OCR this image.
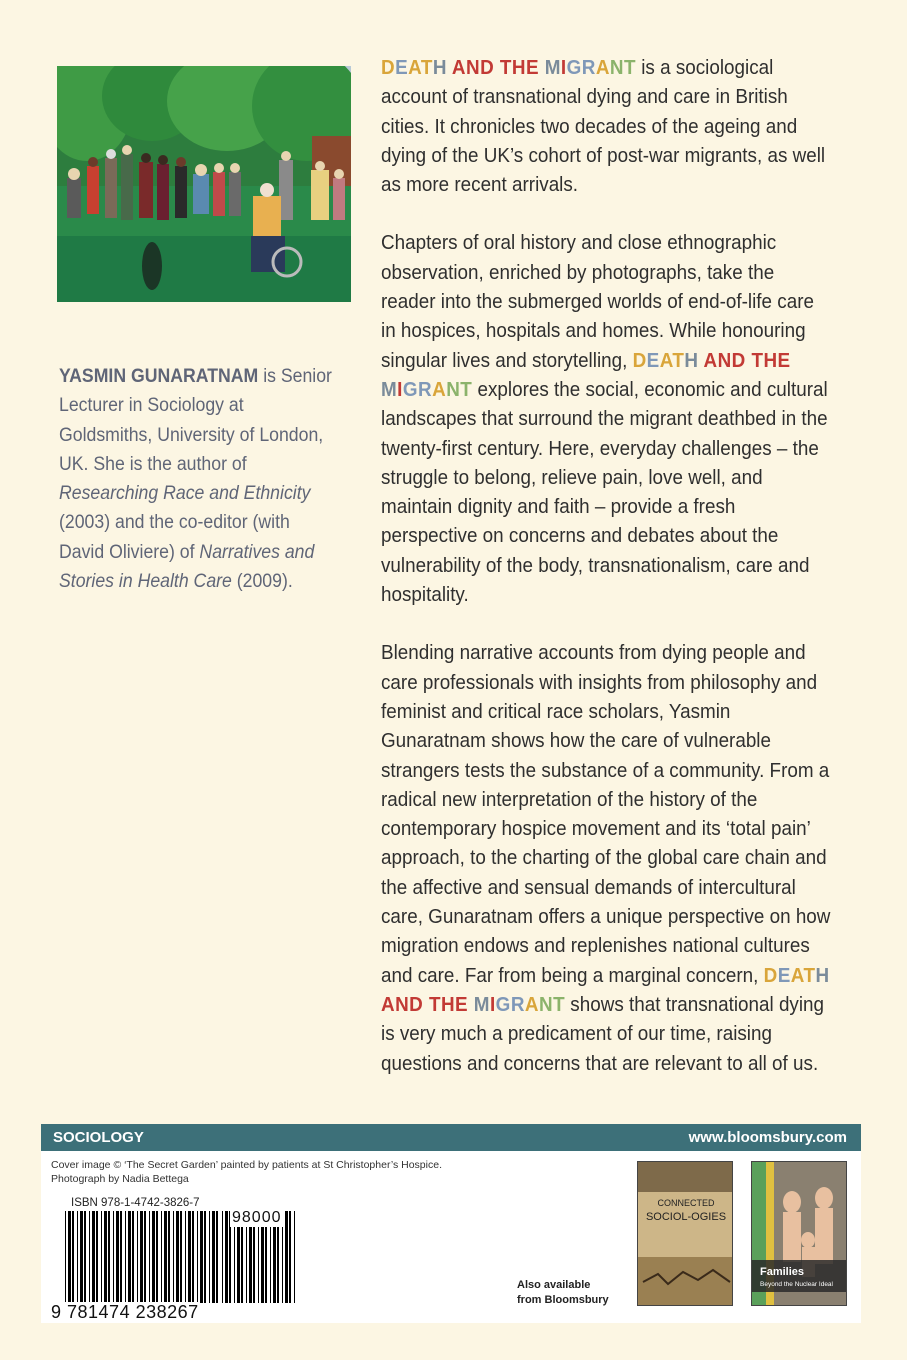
YASMIN GUNARATNAM is Senior Lecturer in Sociology at Goldsmiths, University of London, UK. She is the author of Researching Race and Ethnicity (2003) and the co-editor (with David Oliviere) of Narratives and Stories in Health Care (2009).

DEATH AND THE MIGRANT is a sociological account of transnational dying and care in British cities. It chronicles two decades of the ageing and dying of the UK’s cohort of post-war migrants, as well as more recent arrivals.

Chapters of oral history and close ethnographic observation, enriched by photographs, take the reader into the submerged worlds of end-of-life care in hospices, hospitals and homes. While honouring singular lives and storytelling, DEATH AND THE MIGRANT explores the social, economic and cultural landscapes that surround the migrant deathbed in the twenty-first century. Here, everyday challenges – the struggle to belong, relieve pain, love well, and maintain dignity and faith – provide a fresh perspective on concerns and debates about the vulnerability of the body, transnationalism, care and hospitality.

Blending narrative accounts from dying people and care professionals with insights from philosophy and feminist and critical race scholars, Yasmin Gunaratnam shows how the care of vulnerable strangers tests the substance of a community. From a radical new interpretation of the history of the contemporary hospice movement and its ‘total pain’ approach, to the charting of the global care chain and the affective and sensual demands of intercultural care, Gunaratnam offers a unique perspective on how migration endows and replenishes national cultures and care. Far from being a marginal concern, DEATH AND THE MIGRANT shows that transnational dying is very much a predicament of our time, raising questions and concerns that are relevant to all of us.

SOCIOLOGY	www.bloomsbury.com
Cover image © ‘The Secret Garden’ painted by patients at St Christopher’s Hospice.
Photograph by Nadia Bettega
ISBN 978-1-4742-3826-7
98000
9 781474 238267
Also available
from Bloomsbury
CONNECTED
SOCIOL-OGIES
Families
Beyond the Nuclear Ideal
